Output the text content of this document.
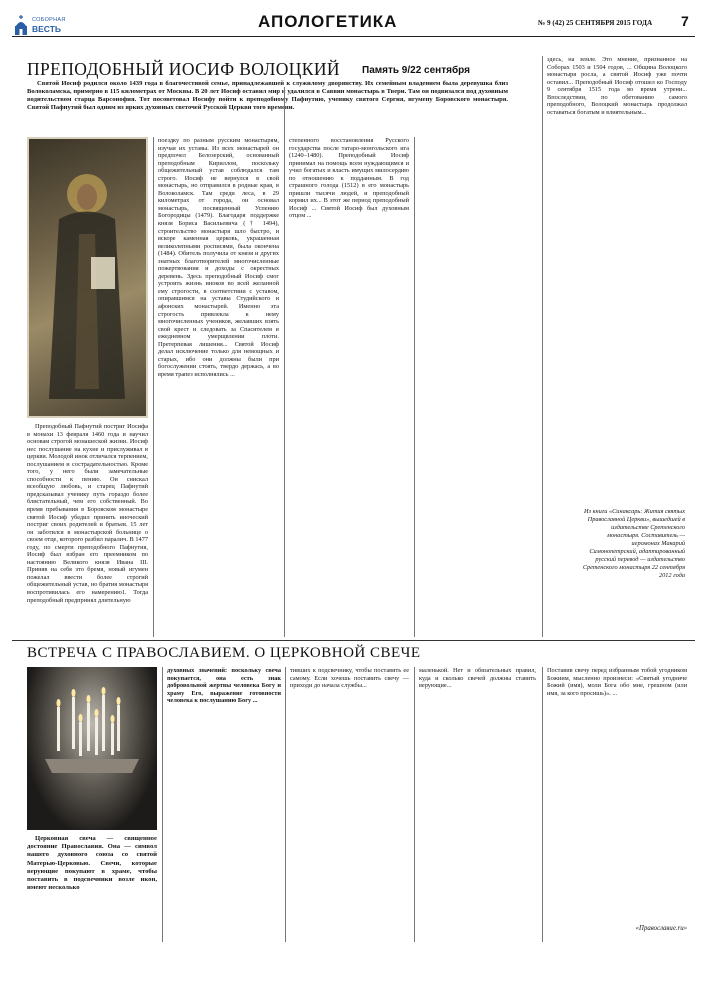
СОБОРНАЯ
ВЕСТЬ	АПОЛОГЕТИКА	№ 9 (42) 25 СЕНТЯБРЯ 2015 ГОДА	7
ПРЕПОДОБНЫЙ ИОСИФ ВОЛОЦКИЙ	Память 9/22 сентября
Святой Иосиф родился около 1439 года в благочестивой семье, принадлежавшей к служилому дворянству. Их семейным владением была деревушка близ Волоколамска, примерно в 115 километрах от Москвы. В 20 лет Иосиф оставил мир и удалился в Саввин монастырь в Твери. Там он подвизался под духовным водительством старца Варсонофия. Тот посоветовал Иосифу пойти к преподобному Пафнутию, ученику святого Сергия, игумену Боровского монастыря. Святой Пафнутий был одним из ярких духовных светочей Русской Церкви того времени.

Преподобный Пафнутий постриг Иосифа в монахи 13 февраля 1460 года и научил основам строгой монашеской жизни. Иосиф нес послушание на кухне и прислуживал в церкви. Молодой инок отличался терпением, послушанием и сострадательностью. Кроме того, у него были замечательные способности к пению. Он снискал всеобщую любовь, и старец Пафнутий предсказывал ученику путь гораздо более блистательный, чем его собственный. Во время пребывания в Боровском монастыре святой Иосиф убедил принять иноческий постриг своих родителей и братьев. 15 лет он заботился в монастырской больнице о своем отце, которого разбил паралич. В 1477 году, по смерти преподобного Пафнутия, Иосиф был избран его преемником по настоянию Великого князя Ивана III. Приняв на себя это бремя, новый игумен пожелал ввести более строгий общежительный устав, но братия монастыря воспротивилась его намерению1. Тогда преподобный предпринял длительную

поездку по разным русским монастырям, изучая их уставы. Из всех монастырей он предпочел Белозерский, основанный преподобным Кириллом, поскольку общежительный устав соблюдался там строго. Иосиф не вернулся в свой монастырь, но отправился в родные края, в Волоколамск. Там среди леса, в 29 километрах от города, он основал монастырь, посвященный Успению Богородицы (1479). Благодаря поддержке князя Бориса Васильевича († 1494), строительство монастыря шло быстро, и вскоре каменная церковь, украшенная великолепными росписями, была окончена (1484). Обитель получила от князя и других знатных благотворителей многочисленные пожертвования и доходы с окрестных деревень. Здесь преподобный Иосиф смог устроить жизнь иноков во всей желанной ему строгости, в соответствии с уставом, опиравшимся на уставы Студийского и афонских монастырей. Именно эта строгость привлекла к нему многочисленных учеников, желавших взять свой крест и следовать за Спасителем в ежедневном умерщвлении плоти. Претерпевая лишения... Святой Иосиф делал исключение только для немощных и старых, ибо они должны были при богослужении стоять, твердо держась, а во время трапез исполнялись ...

степенного восстановления Русского государства после татаро-монгольского ига (1240–1480). Преподобный Иосиф принимал на помощь всем нуждающимся и учил богатых и власть имущих милосердию по отношению к подданным. В год страшного голода (1512) в его монастырь пришли тысячи людей, и преподобный кормил их... В этот же период преподобный Иосиф ... Святой Иосиф был духовным отцом ...

здесь, на земле. Это мнение, признанное на Соборах 1503 и 1504 годов, ... Община Волоцкого монастыря росла, а святой Иосиф уже почти оставил... Преподобный Иосиф отошел ко Господу 9 сентября 1515 года во время утрени... Впоследствии, по обетованию самого преподобного, Волоцкий монастырь продолжал оставаться богатым и влиятельным...

Из книги «Синаксарь: Жития святых Православной Церкви», вышедшей в издательстве Сретенского монастыря. Составитель — иеромонах Макарий Симонопетрский, адаптированный русский перевод — издательство Сретенского монастыря 22 сентября 2012 года
ВСТРЕЧА С ПРАВОСЛАВИЕМ. О ЦЕРКОВНОЙ СВЕЧЕ
Церковная свеча — священное достояние Православия. Она — символ нашего духовного союза со святой Матерью-Церковью. Свечи, которые верующие покупают в храме, чтобы поставить в подсвечники возле икон, имеют несколько

духовных значений: поскольку свеча покупается, она есть знак добровольной жертвы человека Богу и храму Его, выражение готовности человека к послушанию Богу ...

тивших к подсвечнику, чтобы поставить ее самому. Если хочешь поставить свечу — приходи до начала службы...

маленькой. Нет и обязательных правил, куда и сколько свечей должны ставить верующие...

Поставив свечу перед избранным тобой угодником Божиим, мысленно произнеси: «Святый угодниче Божий (имя), моли Бога обо мне, грешном (или имя, за кого просишь)». ...

«Православие.ru»
